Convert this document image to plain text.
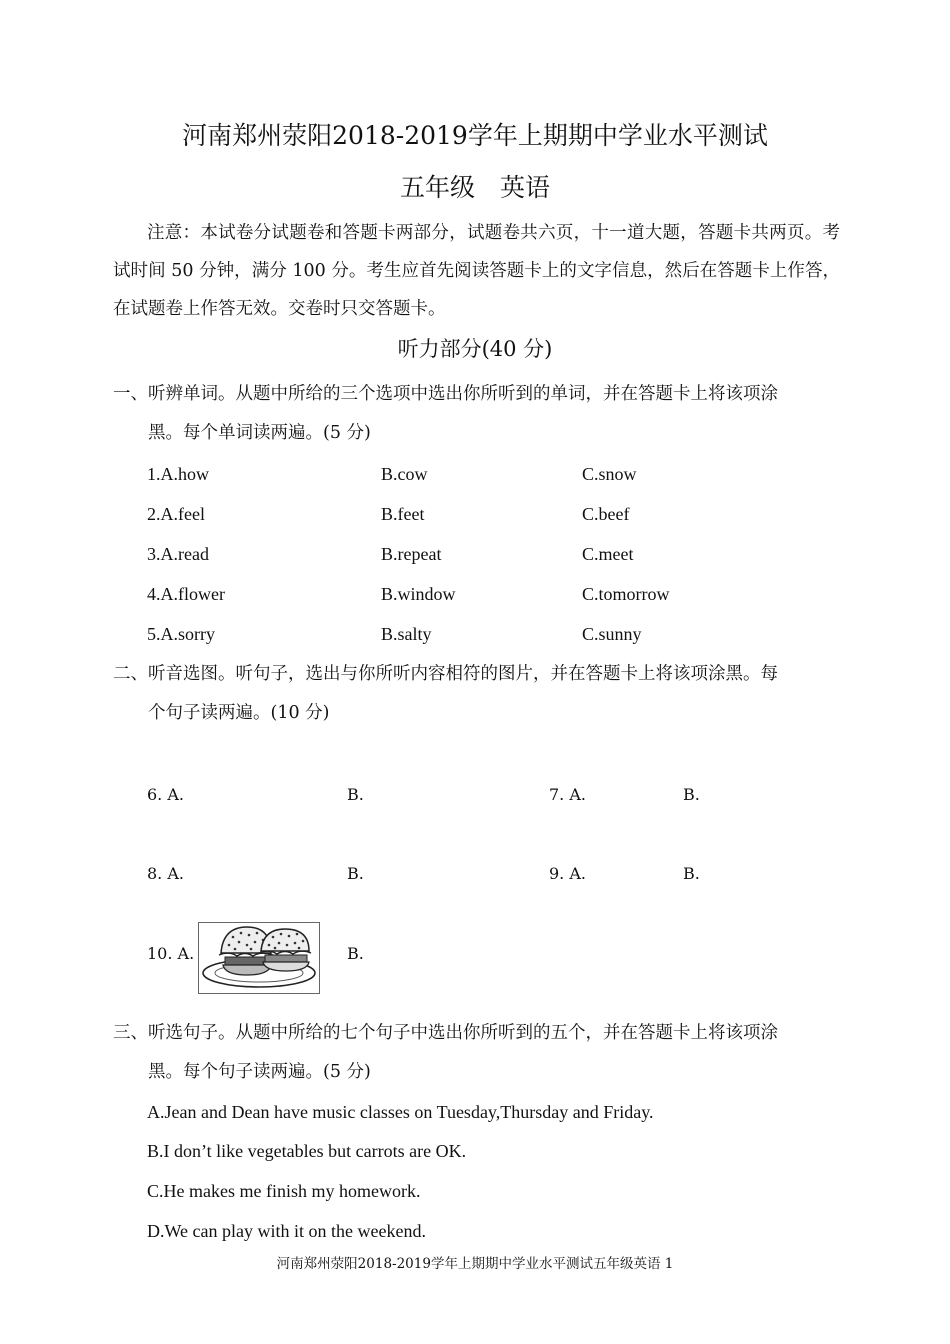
河南郑州荥阳2018-2019学年上期期中学业水平测试
五年级　英语
注意：本试卷分试题卷和答题卡两部分，试题卷共六页，十一道大题，答题卡共两页。考试时间 50 分钟，满分 100 分。考生应首先阅读答题卡上的文字信息，然后在答题卡上作答，在试题卷上作答无效。交卷时只交答题卡。
听力部分(40 分)
一、听辨单词。从题中所给的三个选项中选出你所听到的单词，并在答题卡上将该项涂
黑。每个单词读两遍。(5 分)
1.A.how	B.cow	C.snow
2.A.feel	B.feet	C.beef
3.A.read	B.repeat	C.meet
4.A.flower	B.window	C.tomorrow
5.A.sorry	B.salty	C.sunny
二、听音选图。听句子，选出与你所听内容相符的图片，并在答题卡上将该项涂黑。每
个句子读两遍。(10 分)
6. A.	B.	7. A.	B.
8. A.	B.	9. A.	B.
10. A.	B.
三、听选句子。从题中所给的七个句子中选出你所听到的五个，并在答题卡上将该项涂
黑。每个句子读两遍。(5 分)
A.Jean and Dean have music classes on Tuesday,Thursday and Friday.
B.I don’t like vegetables but carrots are OK.
C.He makes me finish my homework.
D.We can play with it on the weekend.
河南郑州荥阳2018-2019学年上期期中学业水平测试五年级英语 1
